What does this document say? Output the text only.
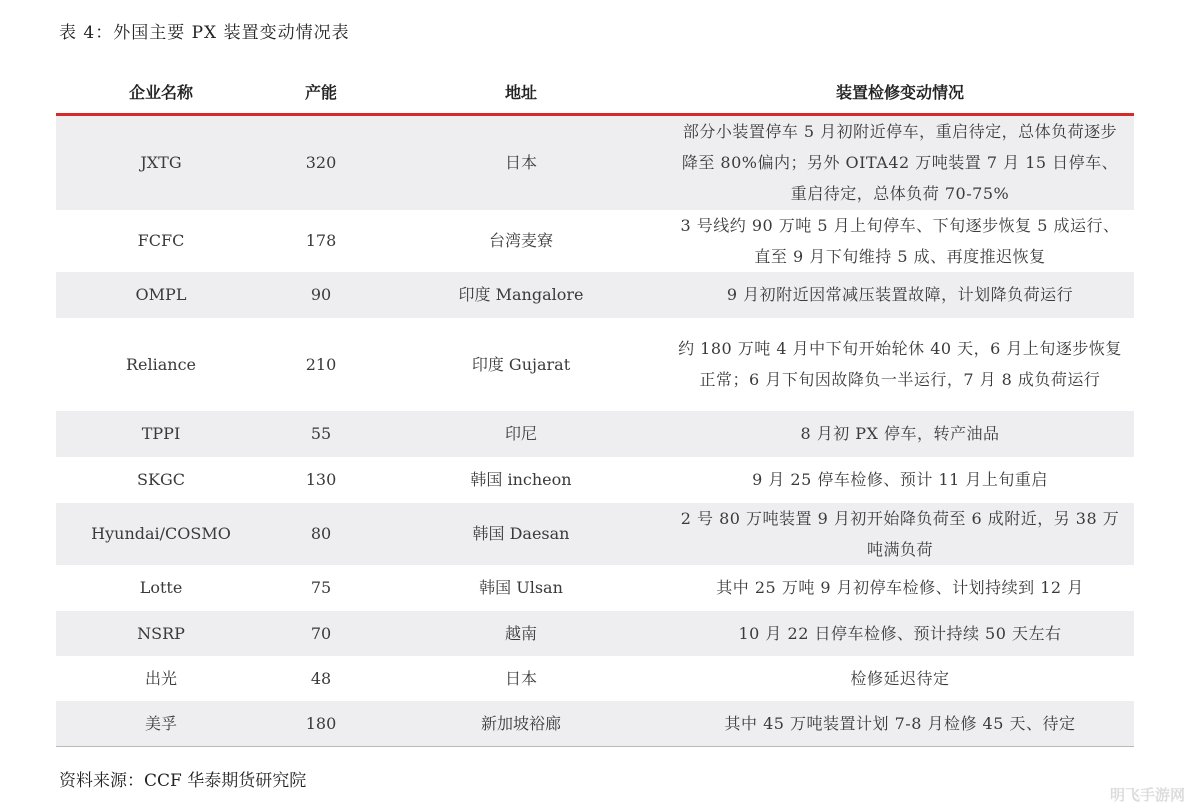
表 4：外国主要 PX 装置变动情况表
企业名称	产能	地址	装置检修变动情况
JXTG	320	日本	部分小装置停车 5 月初附近停车，重启待定，总体负荷逐步降至 80%偏内；另外 OITA42 万吨装置 7 月 15 日停车、重启待定，总体负荷 70-75%
FCFC	178	台湾麦寮	3 号线约 90 万吨 5 月上旬停车、下旬逐步恢复 5 成运行、直至 9 月下旬维持 5 成、再度推迟恢复
OMPL	90	印度 Mangalore	9 月初附近因常减压装置故障，计划降负荷运行
Reliance	210	印度 Gujarat	约 180 万吨 4 月中下旬开始轮休 40 天，6 月上旬逐步恢复正常；6 月下旬因故降负一半运行，7 月 8 成负荷运行
TPPI	55	印尼	8 月初 PX 停车，转产油品
SKGC	130	韩国 incheon	9 月 25 停车检修、预计 11 月上旬重启
Hyundai/COSMO	80	韩国 Daesan	2 号 80 万吨装置 9 月初开始降负荷至 6 成附近，另 38 万吨满负荷
Lotte	75	韩国 Ulsan	其中 25 万吨 9 月初停车检修、计划持续到 12 月
NSRP	70	越南	10 月 22 日停车检修、预计持续 50 天左右
出光	48	日本	检修延迟待定
美孚	180	新加坡裕廊	其中 45 万吨装置计划 7-8 月检修 45 天、待定
资料来源：CCF 华泰期货研究院
明飞手游网
